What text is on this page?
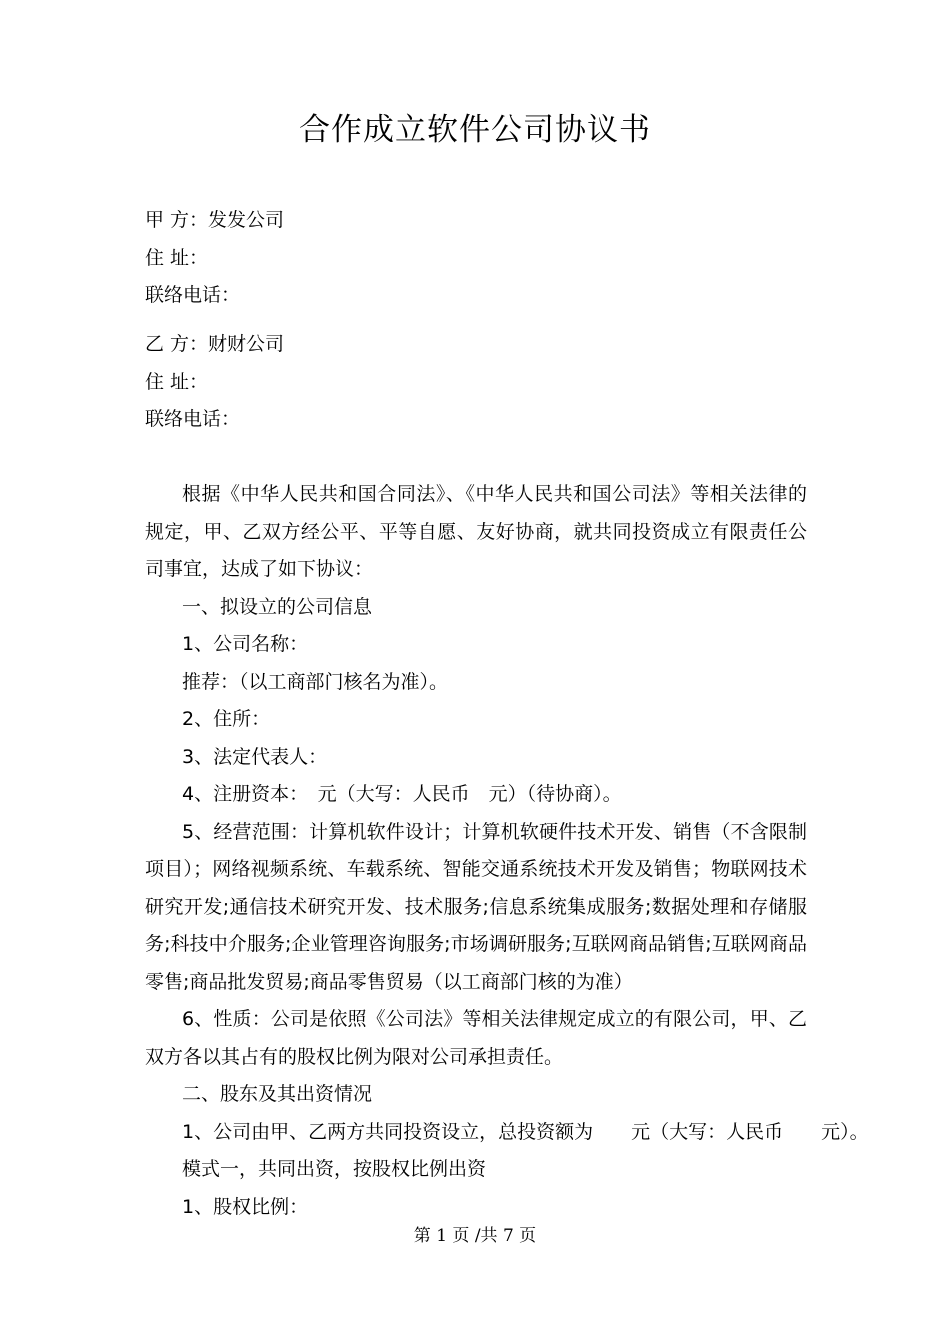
合作成立软件公司协议书
甲 方：发发公司
住 址：
联络电话：
乙 方：财财公司
住 址：
联络电话：

根据《中华人民共和国合同法》、《中华人民共和国公司法》等相关法律的规定，甲、乙双方经公平、平等自愿、友好协商，就共同投资成立有限责任公司事宜，达成了如下协议：

一、拟设立的公司信息

1、公司名称：

推荐：（以工商部门核名为准）。

2、住所：

3、法定代表人：

4、注册资本：　元（大写：人民币　元）（待协商）。

5、经营范围：计算机软件设计；计算机软硬件技术开发、销售（不含限制项目）；网络视频系统、车载系统、智能交通系统技术开发及销售；物联网技术研究开发;通信技术研究开发、技术服务;信息系统集成服务;数据处理和存储服务;科技中介服务;企业管理咨询服务;市场调研服务;互联网商品销售;互联网商品零售;商品批发贸易;商品零售贸易（以工商部门核的为准）

6、性质：公司是依照《公司法》等相关法律规定成立的有限公司，甲、乙双方各以其占有的股权比例为限对公司承担责任。

二、股东及其出资情况

1、公司由甲、乙两方共同投资设立，总投资额为　　元（大写：人民币　　元）。

模式一，共同出资，按股权比例出资

1、股权比例：

第 1 页 /共 7 页
